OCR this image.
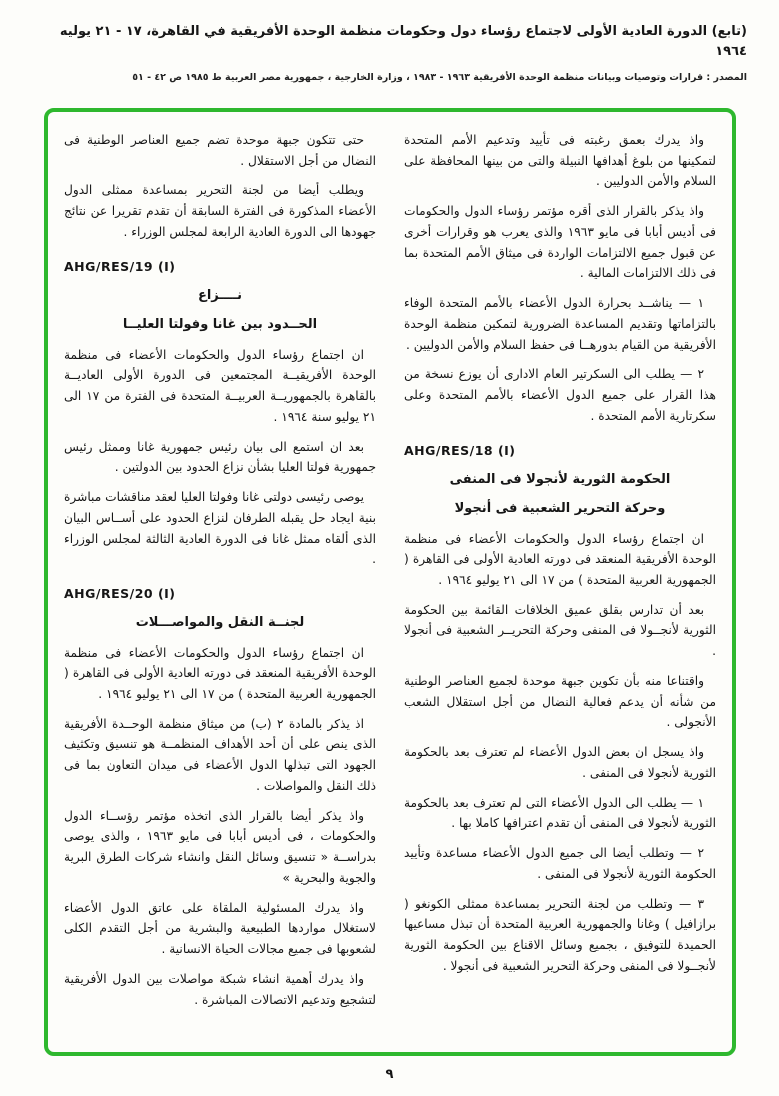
(تابع) الدورة العادية الأولى لاجتماع رؤساء دول وحكومات منظمة الوحدة الأفريقية في القاهرة، ١٧ - ٢١ يوليه ١٩٦٤
المصدر : قرارات وتوصيات وبيانات منظمة الوحدة الأفريقية ١٩٦٣ - ١٩٨٣ ، وزارة الخارجية ، جمهورية مصر العربية ط ١٩٨٥ ص ٤٢ - ٥١

واذ يدرك بعمق رغبته فى تأييد وتدعيم الأمم المتحدة لتمكينها من بلوغ أهدافها النبيلة والتى من بينها المحافظة على السلام والأمن الدوليين .

واذ يذكر بالقرار الذى أقره مؤتمر رؤساء الدول والحكومات فى أديس أبابا فى مايو ١٩٦٣ والذى يعرب هو وقرارات أخرى عن قبول جميع الالتزامات الواردة فى ميثاق الأمم المتحدة بما فى ذلك الالتزامات المالية .

١ — يناشــد بحرارة الدول الأعضاء بالأمم المتحدة الوفاء بالتزاماتها وتقديم المساعدة الضرورية لتمكين منظمة الوحدة الأفريقية من القيام بدورهــا فى حفظ السلام والأمن الدوليين .

٢ — يطلب الى السكرتير العام الادارى أن يوزع نسخة من هذا القرار على جميع الدول الأعضاء بالأمم المتحدة وعلى سكرتارية الأمم المتحدة .

AHG/RES/18 (I)

الحكومة الثورية لأنجولا فى المنفى
وحركة التحرير الشعبية فى أنجولا

ان اجتماع رؤساء الدول والحكومات الأعضاء فى منظمة الوحدة الأفريقية المنعقد فى دورته العادية الأولى فى القاهرة ( الجمهورية العربية المتحدة ) من ١٧ الى ٢١ يوليو ١٩٦٤ .

بعد أن تدارس بقلق عميق الخلافات القائمة بين الحكومة الثورية لأنجــولا فى المنفى وحركة التحريــر الشعبية فى أنجولا .

واقتناعا منه بأن تكوين جبهة موحدة لجميع العناصر الوطنية من شأنه أن يدعم فعالية النضال من أجل استقلال الشعب الأنجولى .

واذ يسجل ان بعض الدول الأعضاء لم تعترف بعد بالحكومة الثورية لأنجولا فى المنفى .

١ — يطلب الى الدول الأعضاء التى لم تعترف بعد بالحكومة الثورية لأنجولا فى المنفى أن تقدم اعترافها كاملا بها .

٢ — وتطلب أيضا الى جميع الدول الأعضاء مساعدة وتأييد الحكومة الثورية لأنجولا فى المنفى .

٣ — وتطلب من لجنة التحرير بمساعدة ممثلى الكونغو ( برازافيل ) وغانا والجمهورية العربية المتحدة أن تبذل مساعيها الحميدة للتوفيق ، بجميع وسائل الاقناع بين الحكومة الثورية لأنجــولا فى المنفى وحركة التحرير الشعبية فى أنجولا .

حتى تتكون جبهة موحدة تضم جميع العناصر الوطنية فى النضال من أجل الاستقلال .

ويطلب أيضا من لجنة التحرير بمساعدة ممثلى الدول الأعضاء المذكورة فى الفترة السابقة أن تقدم تقريرا عن نتائج جهودها الى الدورة العادية الرابعة لمجلس الوزراء .

AHG/RES/19 (I)

نــــزاع
الحــدود بين غانا وفولتا العليــا

ان اجتماع رؤساء الدول والحكومات الأعضاء فى منظمة الوحدة الأفريقيــة المجتمعين فى الدورة الأولى العاديــة بالقاهرة بالجمهوريــة العربيــة المتحدة فى الفترة من ١٧ الى ٢١ يوليو سنة ١٩٦٤ .

بعد ان استمع الى بيان رئيس جمهورية غانا وممثل رئيس جمهورية فولتا العليا بشأن نزاع الحدود بين الدولتين .

يوصى رئيسى دولتى غانا وفولتا العليا لعقد مناقشات مباشرة بنية ايجاد حل يقبله الطرفان لنزاع الحدود على أســاس البيان الذى ألقاه ممثل غانا فى الدورة العادية الثالثة لمجلس الوزراء .

AHG/RES/20 (I)

لجنــة النقل والمواصـــلات

ان اجتماع رؤساء الدول والحكومات الأعضاء فى منظمة الوحدة الأفريقية المنعقد فى دورته العادية الأولى فى القاهرة ( الجمهورية العربية المتحدة ) من ١٧ الى ٢١ يوليو ١٩٦٤ .

اذ يذكر بالمادة ٢ (ب) من ميثاق منظمة الوحــدة الأفريقية الذى ينص على أن أحد الأهداف المنظمــة هو تنسيق وتكثيف الجهود التى تبذلها الدول الأعضاء فى ميدان التعاون بما فى ذلك النقل والمواصلات .

واذ يذكر أيضا بالقرار الذى اتخذه مؤتمر رؤســاء الدول والحكومات ، فى أديس أبابا فى مايو ١٩٦٣ ، والذى يوصى بدراســة « تنسيق وسائل النقل وانشاء شركات الطرق البرية والجوية والبحرية »

واذ يدرك المسئولية الملقاة على عاتق الدول الأعضاء لاستغلال مواردها الطبيعية والبشرية من أجل التقدم الكلى لشعوبها فى جميع مجالات الحياة الانسانية .

واذ يدرك أهمية انشاء شبكة مواصلات بين الدول الأفريقية لتشجيع وتدعيم الاتصالات المباشرة .

٩
